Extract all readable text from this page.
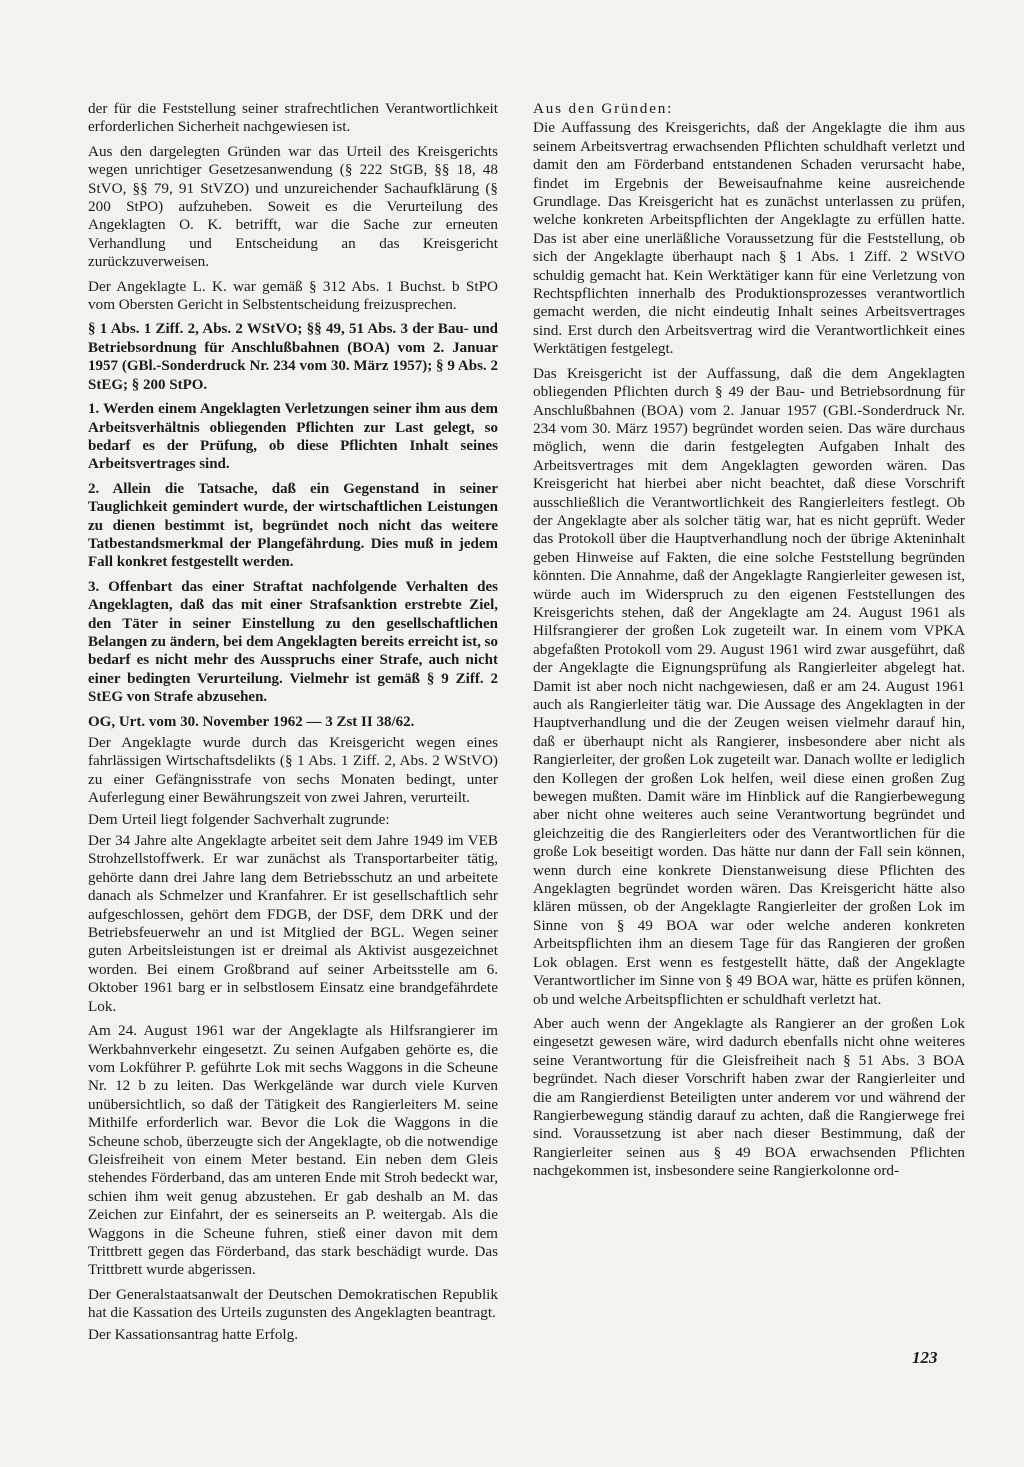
der für die Feststellung seiner strafrechtlichen Verantwortlichkeit erforderlichen Sicherheit nachgewiesen ist.

Aus den dargelegten Gründen war das Urteil des Kreisgerichts wegen unrichtiger Gesetzesanwendung (§ 222 StGB, §§ 18, 48 StVO, §§ 79, 91 StVZO) und unzureichender Sachaufklärung (§ 200 StPO) aufzuheben. Soweit es die Verurteilung des Angeklagten O. K. betrifft, war die Sache zur erneuten Verhandlung und Entscheidung an das Kreisgericht zurückzuverweisen.

Der Angeklagte L. K. war gemäß § 312 Abs. 1 Buchst. b StPO vom Obersten Gericht in Selbstentscheidung freizusprechen.

§ 1 Abs. 1 Ziff. 2, Abs. 2 WStVO; §§ 49, 51 Abs. 3 der Bau- und Betriebsordnung für Anschlußbahnen (BOA) vom 2. Januar 1957 (GBl.-Sonderdruck Nr. 234 vom 30. März 1957); § 9 Abs. 2 StEG; § 200 StPO.

1. Werden einem Angeklagten Verletzungen seiner ihm aus dem Arbeitsverhältnis obliegenden Pflichten zur Last gelegt, so bedarf es der Prüfung, ob diese Pflichten Inhalt seines Arbeitsvertrages sind.

2. Allein die Tatsache, daß ein Gegenstand in seiner Tauglichkeit gemindert wurde, der wirtschaftlichen Leistungen zu dienen bestimmt ist, begründet noch nicht das weitere Tatbestandsmerkmal der Plangefährdung. Dies muß in jedem Fall konkret festgestellt werden.

3. Offenbart das einer Straftat nachfolgende Verhalten des Angeklagten, daß das mit einer Strafsanktion erstrebte Ziel, den Täter in seiner Einstellung zu den gesellschaftlichen Belangen zu ändern, bei dem Angeklagten bereits erreicht ist, so bedarf es nicht mehr des Ausspruchs einer Strafe, auch nicht einer bedingten Verurteilung. Vielmehr ist gemäß § 9 Ziff. 2 StEG von Strafe abzusehen.

OG, Urt. vom 30. November 1962 — 3 Zst II 38/62.

Der Angeklagte wurde durch das Kreisgericht wegen eines fahrlässigen Wirtschaftsdelikts (§ 1 Abs. 1 Ziff. 2, Abs. 2 WStVO) zu einer Gefängnisstrafe von sechs Monaten bedingt, unter Auferlegung einer Bewährungszeit von zwei Jahren, verurteilt.

Dem Urteil liegt folgender Sachverhalt zugrunde:

Der 34 Jahre alte Angeklagte arbeitet seit dem Jahre 1949 im VEB Strohzellstoffwerk. Er war zunächst als Transportarbeiter tätig, gehörte dann drei Jahre lang dem Betriebsschutz an und arbeitete danach als Schmelzer und Kranfahrer. Er ist gesellschaftlich sehr aufgeschlossen, gehört dem FDGB, der DSF, dem DRK und der Betriebsfeuerwehr an und ist Mitglied der BGL. Wegen seiner guten Arbeitsleistungen ist er dreimal als Aktivist ausgezeichnet worden. Bei einem Großbrand auf seiner Arbeitsstelle am 6. Oktober 1961 barg er in selbstlosem Einsatz eine brandgefährdete Lok.

Am 24. August 1961 war der Angeklagte als Hilfsrangierer im Werkbahnverkehr eingesetzt. Zu seinen Aufgaben gehörte es, die vom Lokführer P. geführte Lok mit sechs Waggons in die Scheune Nr. 12 b zu leiten. Das Werkgelände war durch viele Kurven unübersichtlich, so daß der Tätigkeit des Rangierleiters M. seine Mithilfe erforderlich war. Bevor die Lok die Waggons in die Scheune schob, überzeugte sich der Angeklagte, ob die notwendige Gleisfreiheit von einem Meter bestand. Ein neben dem Gleis stehendes Förderband, das am unteren Ende mit Stroh bedeckt war, schien ihm weit genug abzustehen. Er gab deshalb an M. das Zeichen zur Einfahrt, der es seinerseits an P. weitergab. Als die Waggons in die Scheune fuhren, stieß einer davon mit dem Trittbrett gegen das Förderband, das stark beschädigt wurde. Das Trittbrett wurde abgerissen.

Der Generalstaatsanwalt der Deutschen Demokratischen Republik hat die Kassation des Urteils zugunsten des Angeklagten beantragt.

Der Kassationsantrag hatte Erfolg.

Aus den Gründen:

Die Auffassung des Kreisgerichts, daß der Angeklagte die ihm aus seinem Arbeitsvertrag erwachsenden Pflichten schuldhaft verletzt und damit den am Förderband entstandenen Schaden verursacht habe, findet im Ergebnis der Beweisaufnahme keine ausreichende Grundlage. Das Kreisgericht hat es zunächst unterlassen zu prüfen, welche konkreten Arbeitspflichten der Angeklagte zu erfüllen hatte. Das ist aber eine unerläßliche Voraussetzung für die Feststellung, ob sich der Angeklagte überhaupt nach § 1 Abs. 1 Ziff. 2 WStVO schuldig gemacht hat. Kein Werktätiger kann für eine Verletzung von Rechtspflichten innerhalb des Produktionsprozesses verantwortlich gemacht werden, die nicht eindeutig Inhalt seines Arbeitsvertrages sind. Erst durch den Arbeitsvertrag wird die Verantwortlichkeit eines Werktätigen festgelegt.

Das Kreisgericht ist der Auffassung, daß die dem Angeklagten obliegenden Pflichten durch § 49 der Bau- und Betriebsordnung für Anschlußbahnen (BOA) vom 2. Januar 1957 (GBl.-Sonderdruck Nr. 234 vom 30. März 1957) begründet worden seien. Das wäre durchaus möglich, wenn die darin festgelegten Aufgaben Inhalt des Arbeitsvertrages mit dem Angeklagten geworden wären. Das Kreisgericht hat hierbei aber nicht beachtet, daß diese Vorschrift ausschließlich die Verantwortlichkeit des Rangierleiters festlegt. Ob der Angeklagte aber als solcher tätig war, hat es nicht geprüft. Weder das Protokoll über die Hauptverhandlung noch der übrige Akteninhalt geben Hinweise auf Fakten, die eine solche Feststellung begründen könnten. Die Annahme, daß der Angeklagte Rangierleiter gewesen ist, würde auch im Widerspruch zu den eigenen Feststellungen des Kreisgerichts stehen, daß der Angeklagte am 24. August 1961 als Hilfsrangierer der großen Lok zugeteilt war. In einem vom VPKA abgefaßten Protokoll vom 29. August 1961 wird zwar ausgeführt, daß der Angeklagte die Eignungsprüfung als Rangierleiter abgelegt hat. Damit ist aber noch nicht nachgewiesen, daß er am 24. August 1961 auch als Rangierleiter tätig war. Die Aussage des Angeklagten in der Hauptverhandlung und die der Zeugen weisen vielmehr darauf hin, daß er überhaupt nicht als Rangierer, insbesondere aber nicht als Rangierleiter, der großen Lok zugeteilt war. Danach wollte er lediglich den Kollegen der großen Lok helfen, weil diese einen großen Zug bewegen mußten. Damit wäre im Hinblick auf die Rangierbewegung aber nicht ohne weiteres auch seine Verantwortung begründet und gleichzeitig die des Rangierleiters oder des Verantwortlichen für die große Lok beseitigt worden. Das hätte nur dann der Fall sein können, wenn durch eine konkrete Dienstanweisung diese Pflichten des Angeklagten begründet worden wären. Das Kreisgericht hätte also klären müssen, ob der Angeklagte Rangierleiter der großen Lok im Sinne von § 49 BOA war oder welche anderen konkreten Arbeitspflichten ihm an diesem Tage für das Rangieren der großen Lok oblagen. Erst wenn es festgestellt hätte, daß der Angeklagte Verantwortlicher im Sinne von § 49 BOA war, hätte es prüfen können, ob und welche Arbeitspflichten er schuldhaft verletzt hat.

Aber auch wenn der Angeklagte als Rangierer an der großen Lok eingesetzt gewesen wäre, wird dadurch ebenfalls nicht ohne weiteres seine Verantwortung für die Gleisfreiheit nach § 51 Abs. 3 BOA begründet. Nach dieser Vorschrift haben zwar der Rangierleiter und die am Rangierdienst Beteiligten unter anderem vor und während der Rangierbewegung ständig darauf zu achten, daß die Rangierwege frei sind. Voraussetzung ist aber nach dieser Bestimmung, daß der Rangierleiter seinen aus § 49 BOA erwachsenden Pflichten nachgekommen ist, insbesondere seine Rangierkolonne ord-

123
